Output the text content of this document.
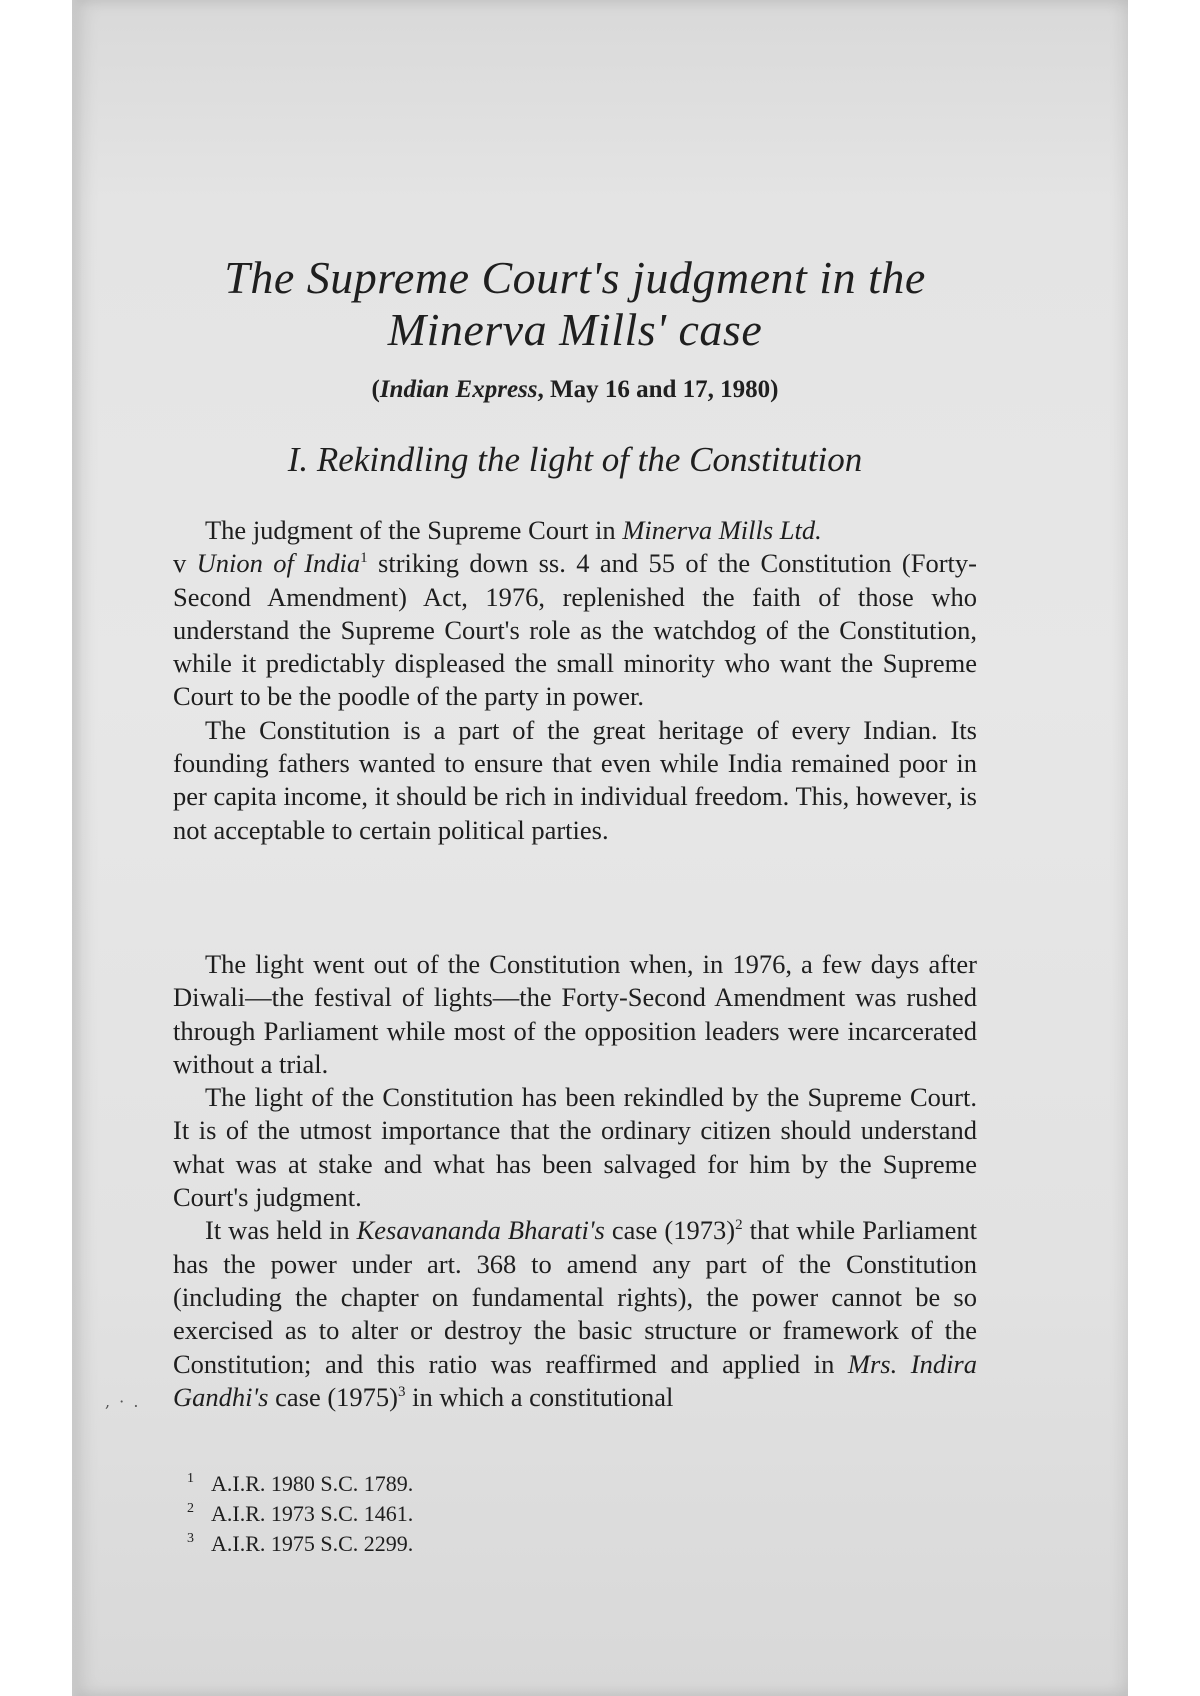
, · .
The Supreme Court's judgment in the
Minerva Mills' case
(Indian Express, May 16 and 17, 1980)
I. Rekindling the light of the Constitution

The judgment of the Supreme Court in Minerva Mills Ltd.
v Union of India$^1$ striking down ss. 4 and 55 of the Constitution (Forty-Second Amendment) Act, 1976, replenished the faith of those who understand the Supreme Court's role as the watchdog of the Constitution, while it predictably displeased the small minority who want the Supreme Court to be the poodle of the party in power.

The Constitution is a part of the great heritage of every Indian. Its founding fathers wanted to ensure that even while India remained poor in per capita income, it should be rich in individual freedom. This, however, is not acceptable to certain political parties.

The light went out of the Constitution when, in 1976, a few days after Diwali—the festival of lights—the Forty-Second Amendment was rushed through Parliament while most of the opposition leaders were incarcerated without a trial.

The light of the Constitution has been rekindled by the Supreme Court. It is of the utmost importance that the ordinary citizen should understand what was at stake and what has been salvaged for him by the Supreme Court's judgment.

It was held in Kesavananda Bharati's case $(1973)^2$ that while Parliament has the power under art. 368 to amend any part of the Constitution (including the chapter on fundamental rights), the power cannot be so exercised as to alter or destroy the basic structure or framework of the Constitution; and this ratio was reaffirmed and applied in Mrs. Indira Gandhi's case $(1975)^3$ in which a constitutional

1 A.I.R. 1980 S.C. 1789.
2 A.I.R. 1973 S.C. 1461.
3 A.I.R. 1975 S.C. 2299.
